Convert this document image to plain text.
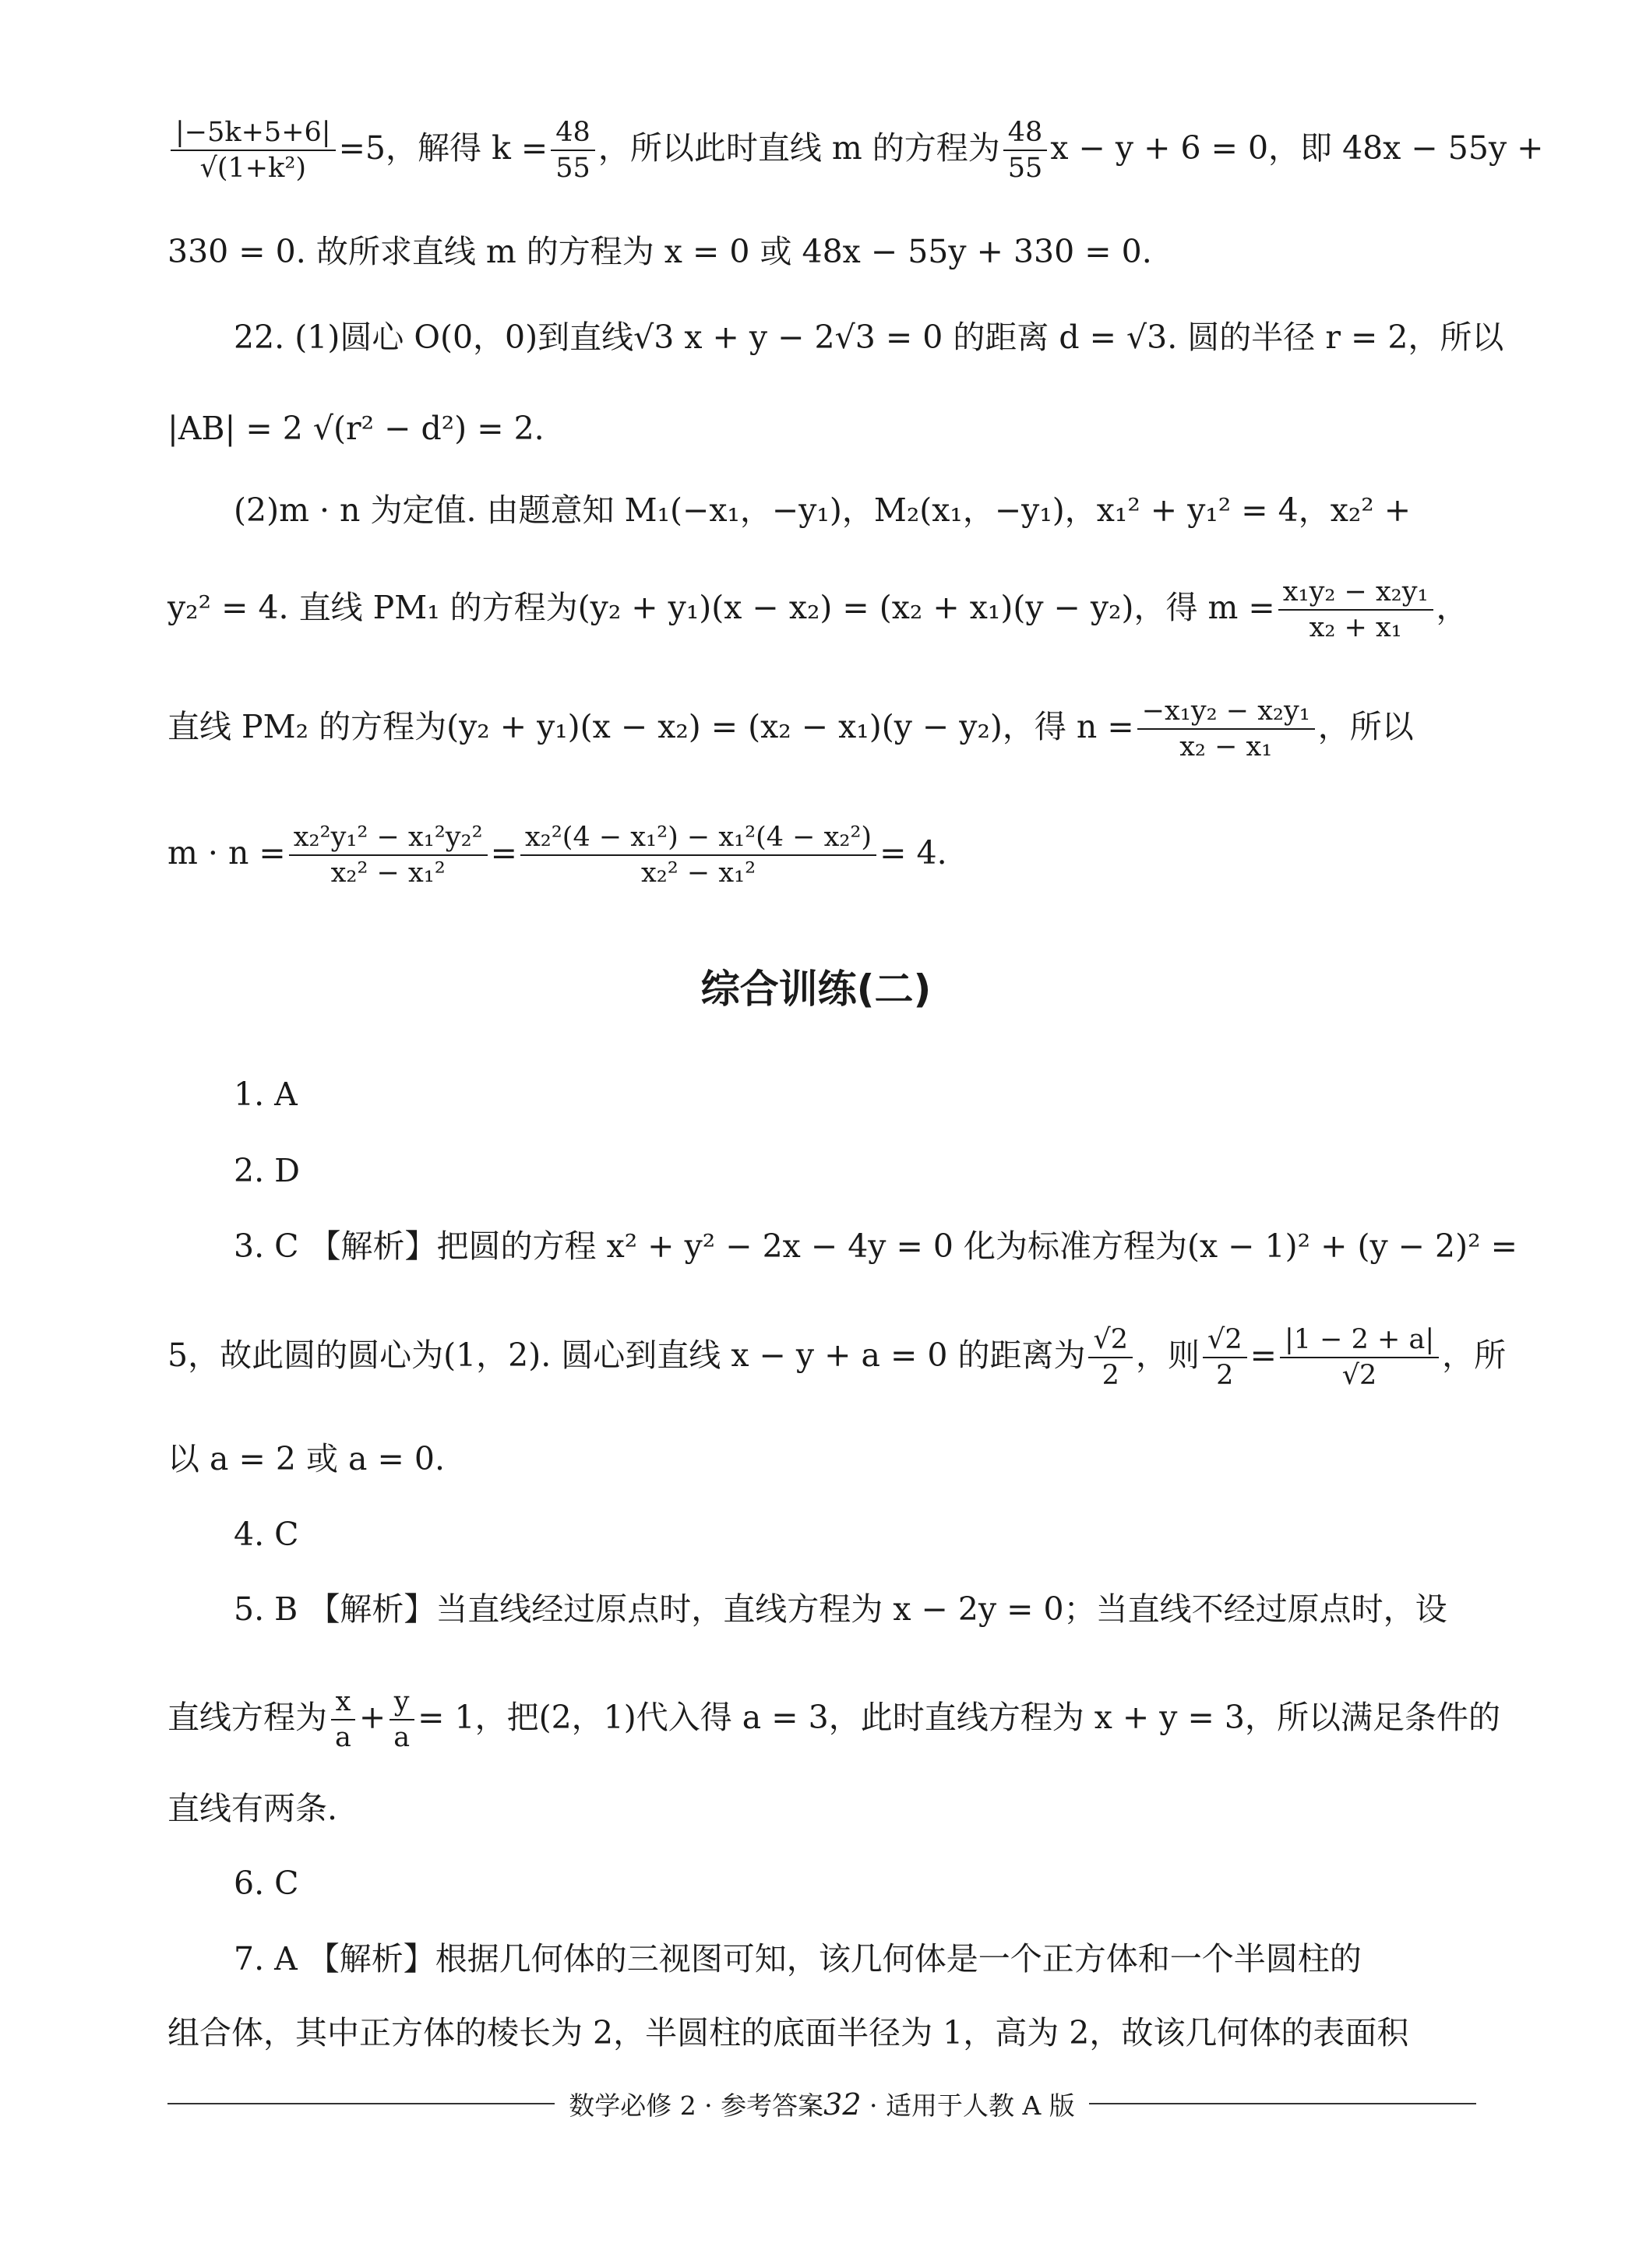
$\frac{|-5k+5+6|}{\text{√(1+k²)}} =5$，解得 $k = \frac{48}{55}$ ，所以此时直线 m 的方程为 $\frac{48}{55}$ x − y + 6 = 0，即 48x − 55y +
330 = 0. 故所求直线 m 的方程为 x = 0 或 48x − 55y + 330 = 0.
22. (1)圆心 O(0，0)到直线√3 x + y − 2√3 = 0 的距离 d = √3. 圆的半径 r = 2，所以
|AB| = 2 √(r² − d²) = 2.
(2)m · n 为定值. 由题意知 M₁(−x₁，−y₁)，M₂(x₁，−y₁)，x₁² + y₁² = 4，x₂² +
y₂² = 4. 直线 PM₁ 的方程为(y₂ + y₁)(x − x₂) = (x₂ + x₁)(y − y₂)，得 $m = \frac{\text{x₁y₂ − x₂y₁}}{\text{x₂ + x₁}}$ ，
直线 PM₂ 的方程为(y₂ + y₁)(x − x₂) = (x₂ − x₁)(y − y₂)，得 $n = \frac{\text{−x₁y₂ − x₂y₁}}{\text{x₂ − x₁}}$ ，所以
$m \cdot n = \frac{\text{x₂²y₁² − x₁²y₂²}}{\text{x₂² − x₁²}} = \frac{\text{x₂²(4 − x₁²) − x₁²(4 − x₂²)}}{\text{x₂² − x₁²}} = 4$.
综合训练(二)
1. A
2. D
3. C 【解析】把圆的方程 x² + y² − 2x − 4y = 0 化为标准方程为(x − 1)² + (y − 2)² =
5，故此圆的圆心为(1，2). 圆心到直线 x − y + a = 0 的距离为 $\frac{√2}{2}$ ，则 $\frac{√2}{2} = \frac{|1 - 2 + a|}{√2}$ ，所
以 a = 2 或 a = 0.
4. C
5. B 【解析】当直线经过原点时，直线方程为 x − 2y = 0；当直线不经过原点时，设
直线方程为 $\frac{x}{a} + \frac{y}{a} = 1$，把(2，1)代入得 a = 3，此时直线方程为 x + y = 3，所以满足条件的
直线有两条.
6. C
7. A 【解析】根据几何体的三视图可知，该几何体是一个正方体和一个半圆柱的
组合体，其中正方体的棱长为 2，半圆柱的底面半径为 1，高为 2，故该几何体的表面积
数学必修 2 · 参考答案32 · 适用于人教 A 版
